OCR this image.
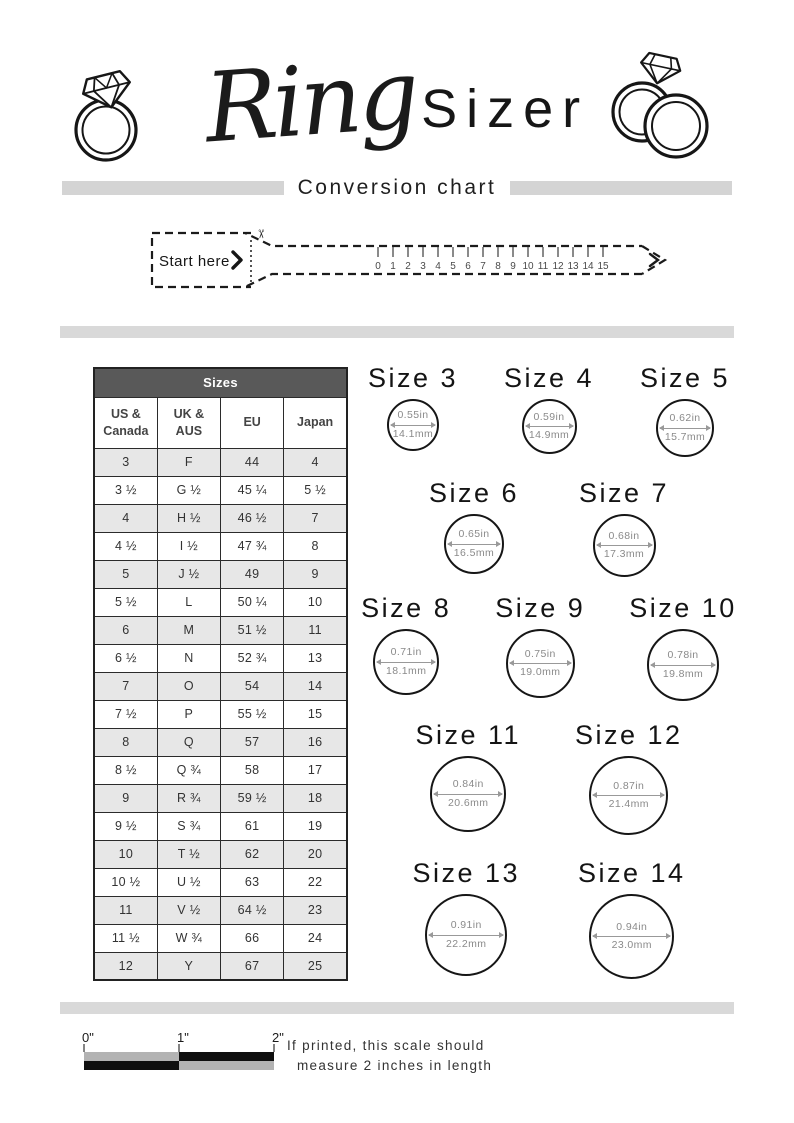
Ring Sizer
Conversion chart
✂
Start here	0 1 2 3 4 5 6 7 8 9 10 11 12 13 14 15
Sizes			
US & Canada	UK & AUS	EU	Japan
3	F	44	4
3 ½	G ½	45 ¼	5 ½
4	H ½	46 ½	7
4 ½	I ½	47 ¾	8
5	J ½	49	9
5 ½	L	50 ¼	10
6	M	51 ½	11
6 ½	N	52 ¾	13
7	O	54	14
7 ½	P	55 ½	15
8	Q	57	16
8 ½	Q ¾	58	17
9	R ¾	59 ½	18
9 ½	S ¾	61	19
10	T ½	62	20
10 ½	U ½	63	22
11	V ½	64 ½	23
11 ½	W ¾	66	24
12	Y	67	25
Size 3
0.55in
14.1mm
Size 4
0.59in
14.9mm
Size 5
0.62in
15.7mm
Size 6
0.65in
16.5mm
Size 7
0.68in
17.3mm
Size 8
0.71in
18.1mm
Size 9
0.75in
19.0mm
Size 10
0.78in
19.8mm
Size 11
0.84in
20.6mm
Size 12
0.87in
21.4mm
Size 13
0.91in
22.2mm
Size 14
0.94in
23.0mm
0"	1"	2"
If printed, this scale should
measure 2 inches in length
